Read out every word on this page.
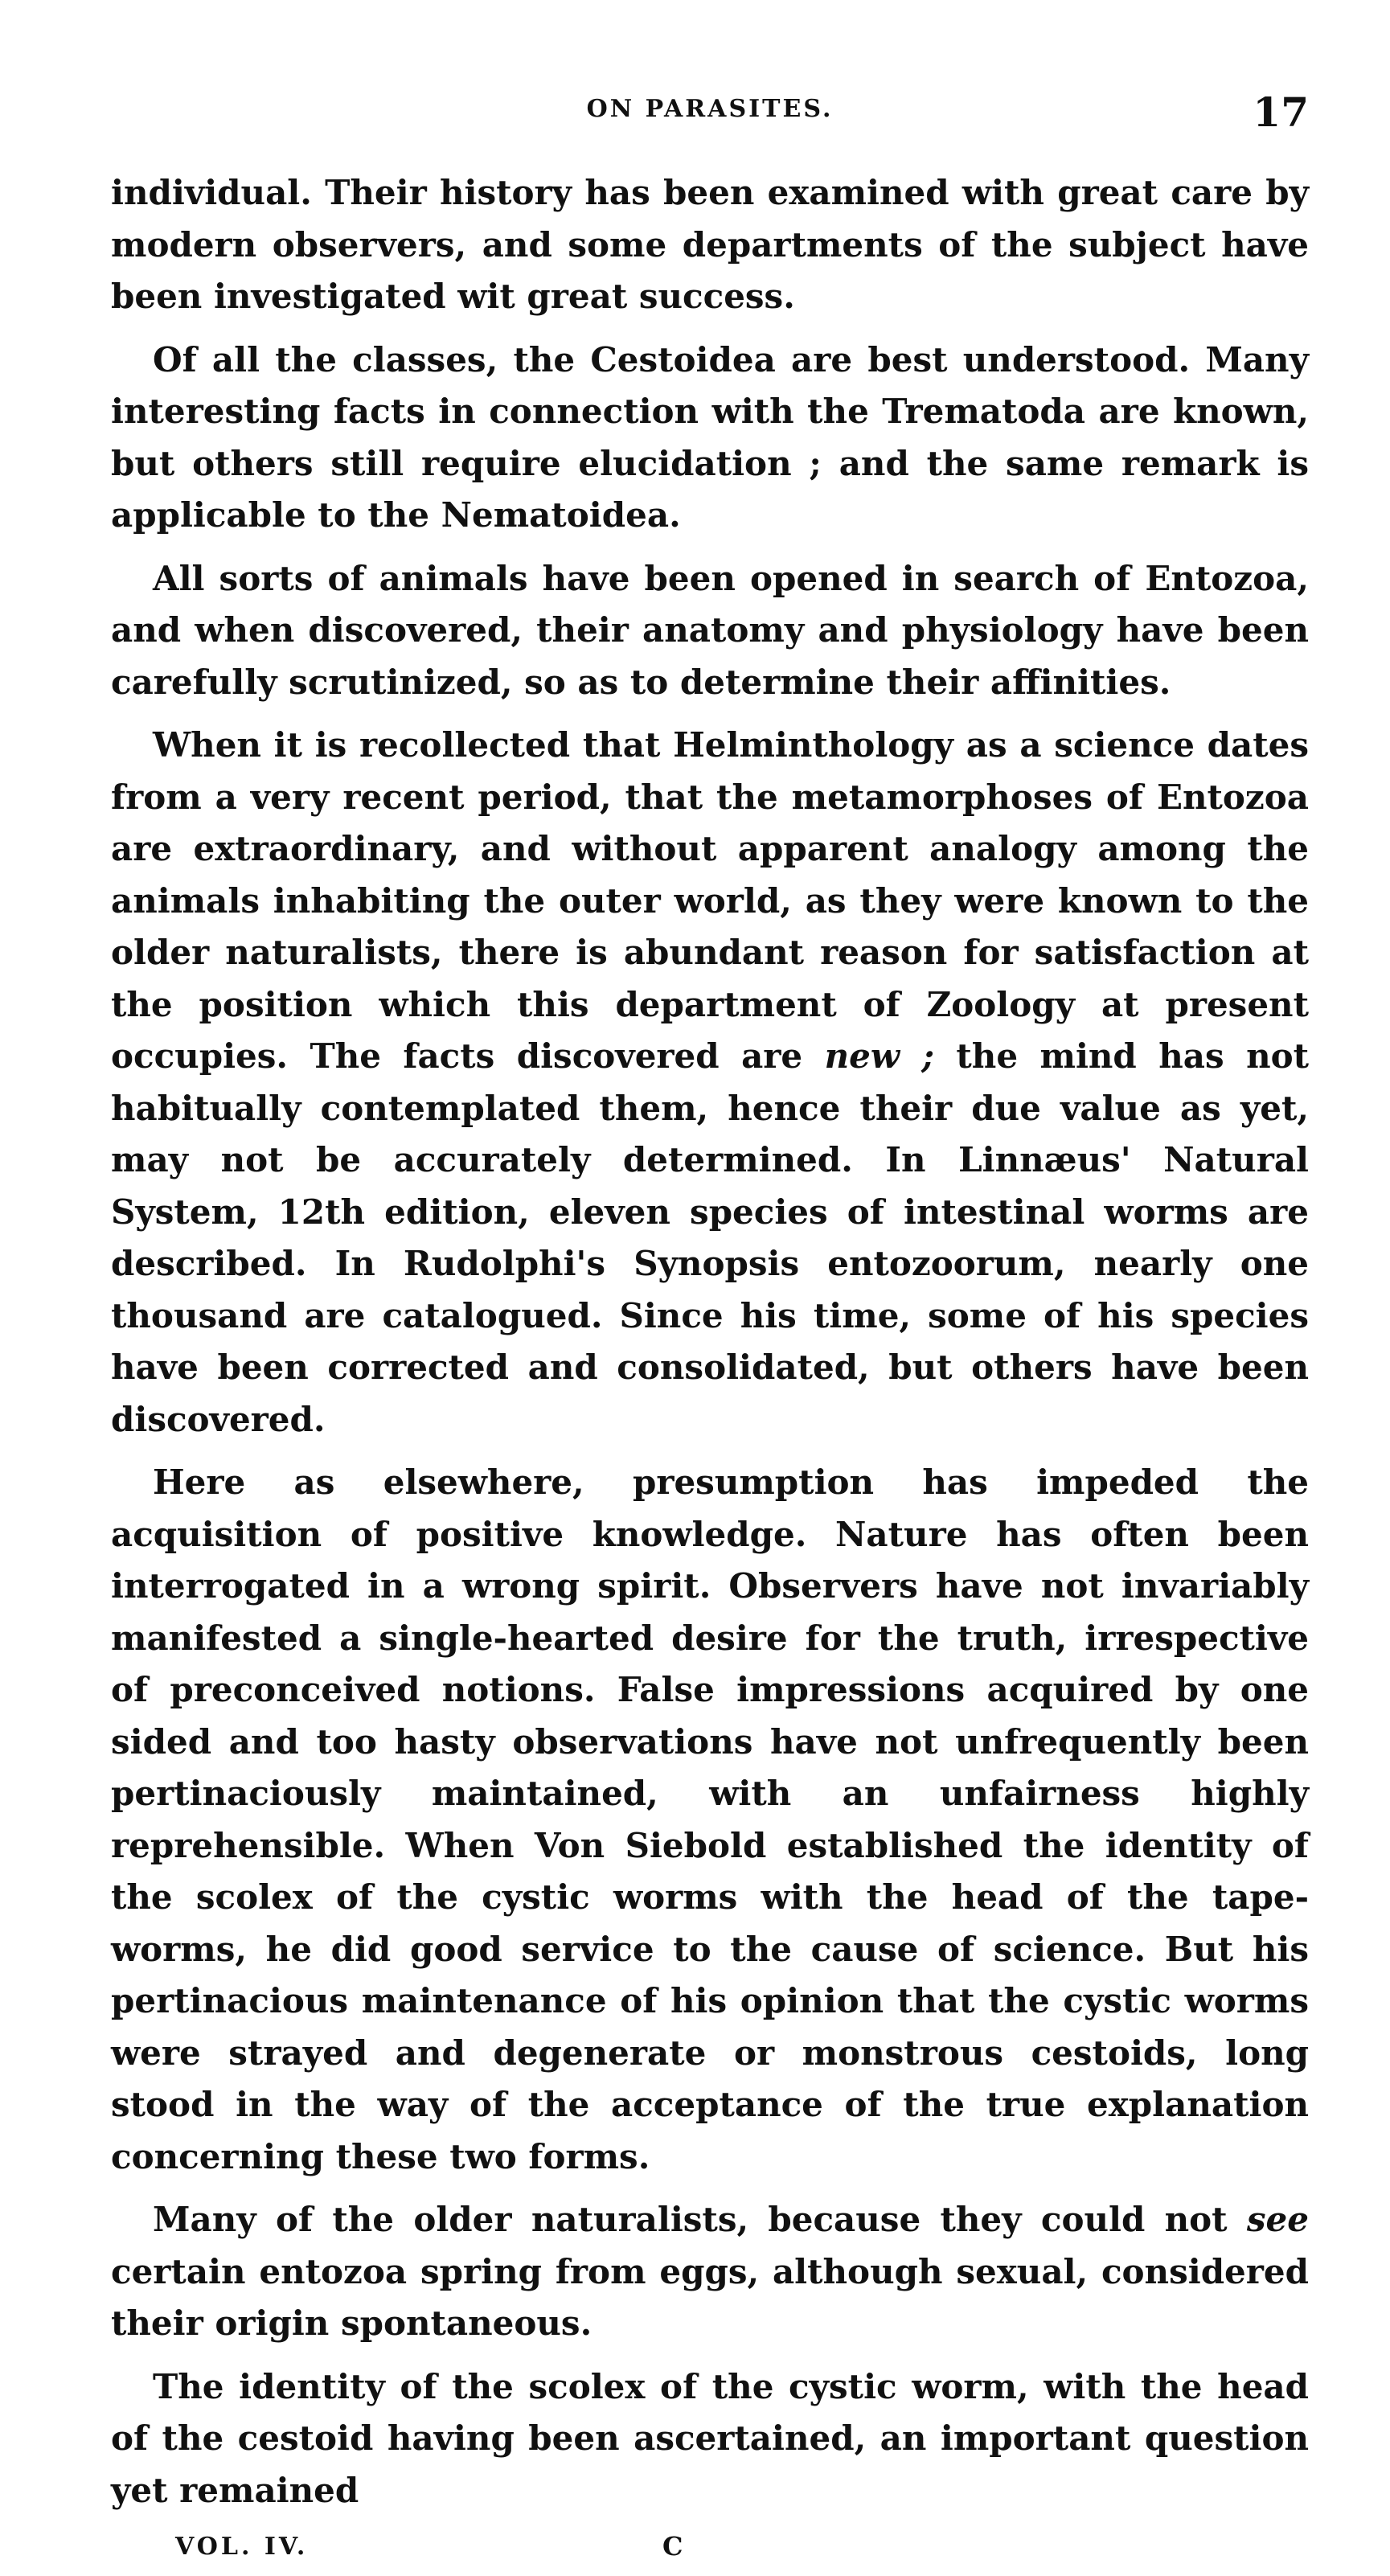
ON PARASITES.	17

individual. Their history has been examined with great care by modern observers, and some departments of the subject have been investigated wit great success.

Of all the classes, the Cestoidea are best understood. Many interesting facts in connection with the Trematoda are known, but others still require elucidation ; and the same remark is applicable to the Nematoidea.

All sorts of animals have been opened in search of Entozoa, and when discovered, their anatomy and physiology have been carefully scrutinized, so as to determine their affinities.

When it is recollected that Helminthology as a science dates from a very recent period, that the metamorphoses of Entozoa are extraordinary, and without apparent analogy among the animals inhabiting the outer world, as they were known to the older naturalists, there is abundant reason for satisfaction at the position which this department of Zoology at present occupies. The facts discovered are new ; the mind has not habitually contemplated them, hence their due value as yet, may not be accurately determined. In Linnæus' Natural System, 12th edition, eleven species of intestinal worms are described. In Rudolphi's Synopsis entozoorum, nearly one thousand are catalogued. Since his time, some of his species have been corrected and consolidated, but others have been discovered.

Here as elsewhere, presumption has impeded the acquisition of positive knowledge. Nature has often been interrogated in a wrong spirit. Observers have not invariably manifested a single-hearted desire for the truth, irrespective of preconceived notions. False impressions acquired by one sided and too hasty observations have not unfrequently been pertinaciously maintained, with an unfairness highly reprehensible. When Von Siebold established the identity of the scolex of the cystic worms with the head of the tape-worms, he did good service to the cause of science. But his pertinacious maintenance of his opinion that the cystic worms were strayed and degenerate or monstrous cestoids, long stood in the way of the acceptance of the true explanation concerning these two forms.

Many of the older naturalists, because they could not see certain entozoa spring from eggs, although sexual, considered their origin spontaneous.

The identity of the scolex of the cystic worm, with the head of the cestoid having been ascertained, an important question yet remained

VOL. IV.	C
